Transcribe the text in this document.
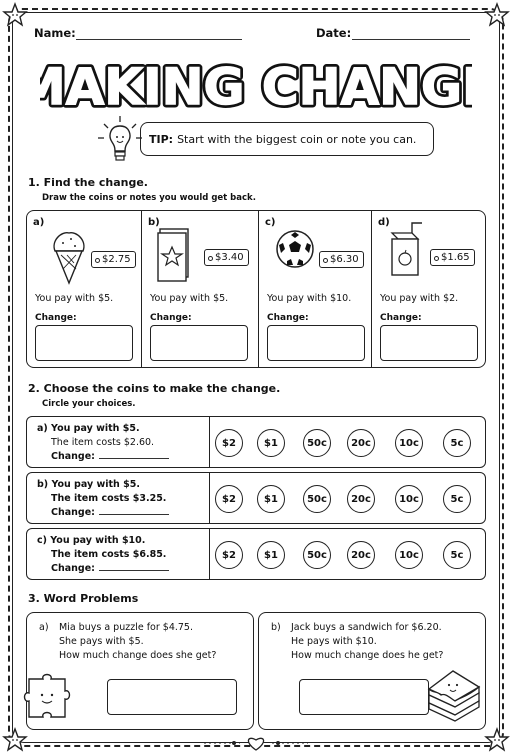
Name:	Date:
MAKING CHANG
MAKING CHANG
TIP: Start with the biggest coin or note you can.
1. Find the change.
Draw the coins or notes you would get back.
a)
$2.75
You pay with $5.
Change:
b)
$3.40
You pay with $5.
Change:
c)
$6.30
You pay with $10.
Change:
d)
$1.65
You pay with $2.
Change:
2. Choose the coins to make the change.
Circle your choices.
a) You pay with $5.
The item costs $2.60.
Change:
$2	$1	50c	20c	10c	5c
b) You pay with $5.
The item costs $3.25.
Change:
$2	$1	50c	20c	10c	5c
c) You pay with $10.
The item costs $6.85.
Change:
$2	$1	50c	20c	10c	5c
3. Word Problems
a) Mia buys a puzzle for $4.75.
She pays with $5.
How much change does she get?
b) Jack buys a sandwich for $6.20.
He pays with $10.
How much change does he get?
